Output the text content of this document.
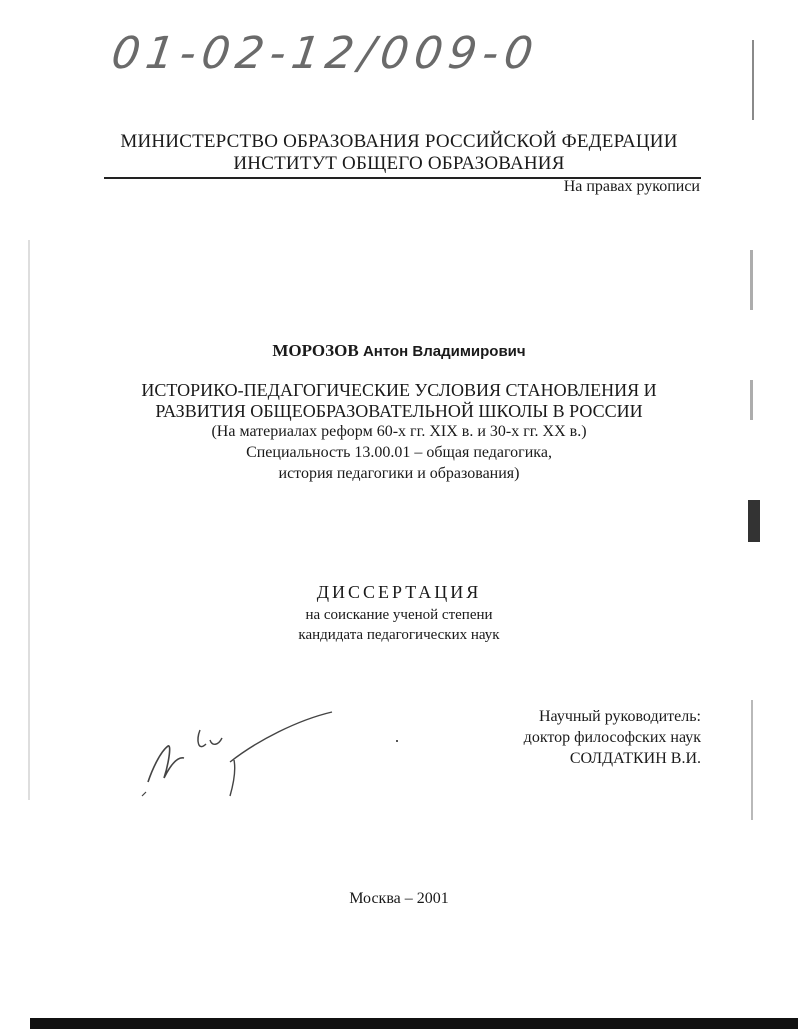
01-02-12/009-0
МИНИСТЕРСТВО ОБРАЗОВАНИЯ РОССИЙСКОЙ ФЕДЕРАЦИИ
ИНСТИТУТ ОБЩЕГО ОБРАЗОВАНИЯ
На правах рукописи
МОРОЗОВ Антон Владимирович
ИСТОРИКО-ПЕДАГОГИЧЕСКИЕ УСЛОВИЯ СТАНОВЛЕНИЯ И
РАЗВИТИЯ ОБЩЕОБРАЗОВАТЕЛЬНОЙ ШКОЛЫ В РОССИИ
(На материалах реформ 60-х гг. XIX в. и 30-х гг. XX в.)
Специальность 13.00.01 – общая педагогика,
история педагогики и образования)
ДИССЕРТАЦИЯ
на соискание ученой степени
кандидата педагогических наук
Научный руководитель:
доктор философских наук
СОЛДАТКИН В.И.
Москва – 2001
